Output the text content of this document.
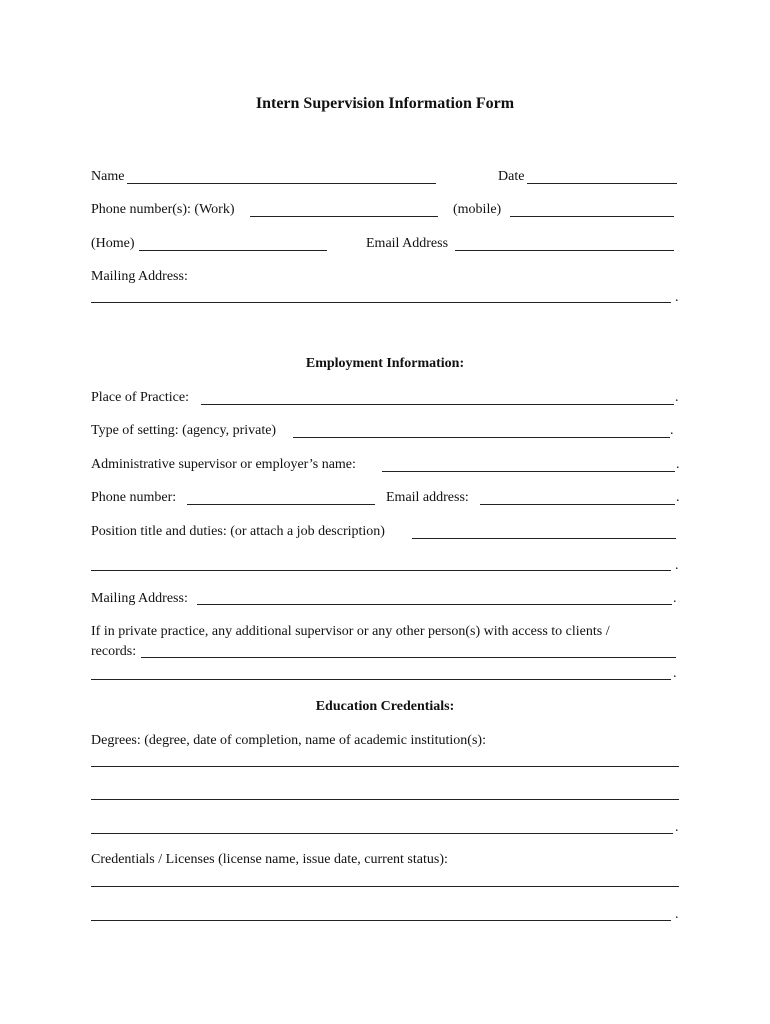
Intern Supervision Information Form
Name	Date
Phone number(s): (Work)	(mobile)
(Home)	Email Address
Mailing Address:
.
Employment Information:
Place of Practice:	.
Type of setting: (agency, private)	.
Administrative supervisor or employer’s name:	.
Phone number:	Email address:	.
Position title and duties: (or attach a job description)
.
Mailing Address:	.
If in private practice, any additional supervisor or any other person(s) with access to clients /
records:
.
Education Credentials:
Degrees: (degree, date of completion, name of academic institution(s):
.
Credentials / Licenses (license name, issue date, current status):
.
